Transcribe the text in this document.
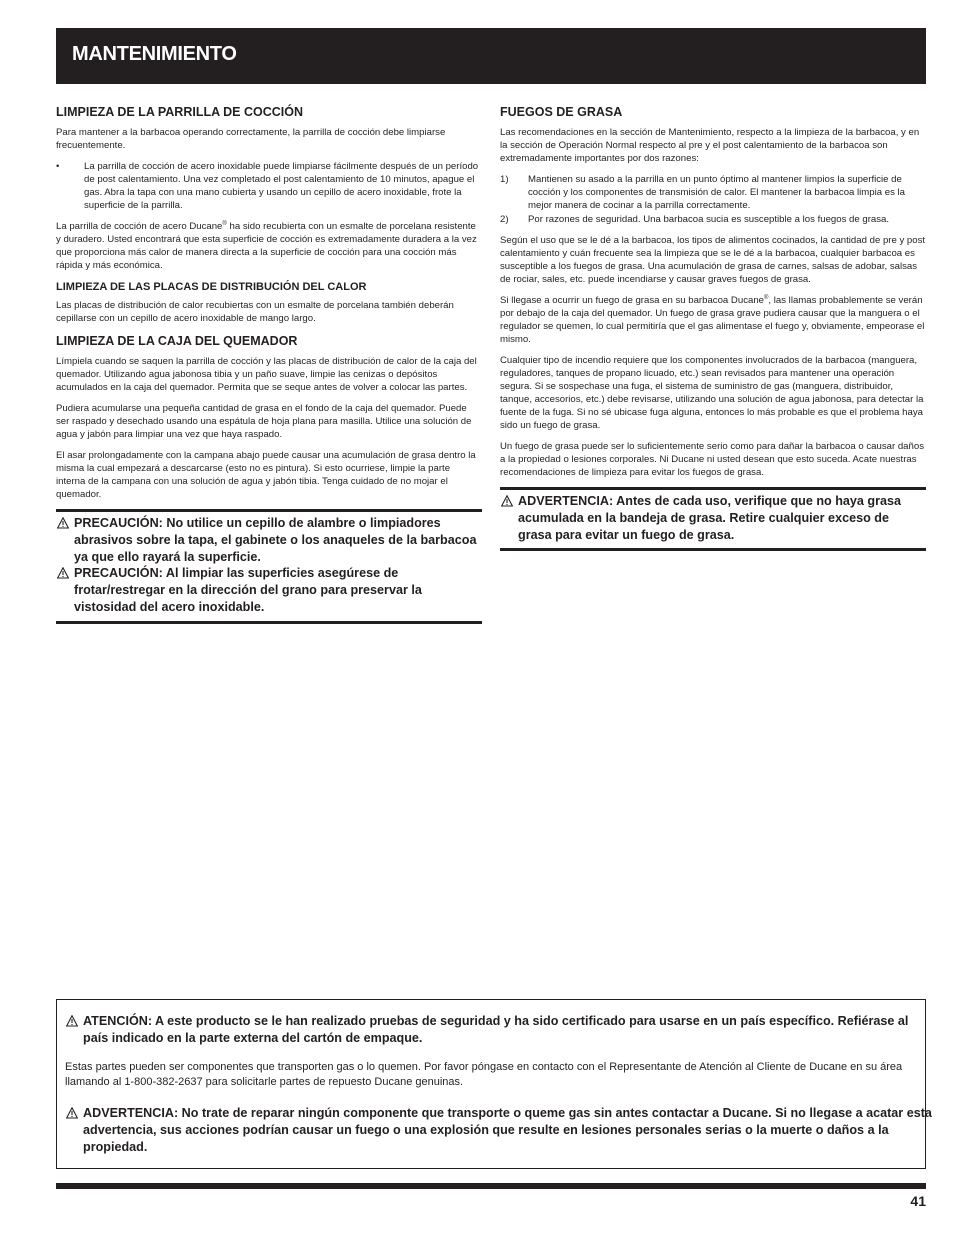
MANTENIMIENTO
LIMPIEZA DE LA PARRILLA DE COCCIÓN

Para mantener a la barbacoa operando correctamente, la parrilla de cocción debe limpiarse frecuentemente.

•	La parrilla de cocción de acero inoxidable puede limpiarse fácilmente después de un período de post calentamiento. Una vez completado el post calentamiento de 10 minutos, apague el gas. Abra la tapa con una mano cubierta y usando un cepillo de acero inoxidable, frote la superficie de la parrilla.

La parrilla de cocción de acero Ducane® ha sido recubierta con un esmalte de porcelana resistente y duradero. Usted encontrará que esta superficie de cocción es extremadamente duradera a la vez que proporciona más calor de manera directa a la superficie de cocción para una cocción más rápida y más económica.

LIMPIEZA DE LAS PLACAS DE DISTRIBUCIÓN DEL CALOR

Las placas de distribución de calor recubiertas con un esmalte de porcelana también deberán cepillarse con un cepillo de acero inoxidable de mango largo.

LIMPIEZA DE LA CAJA DEL QUEMADOR

Límpiela cuando se saquen la parrilla de cocción y las placas de distribución de calor de la caja del quemador. Utilizando agua jabonosa tibia y un paño suave, limpie las cenizas o depósitos acumulados en la caja del quemador. Permita que se seque antes de volver a colocar las partes.

Pudiera acumularse una pequeña cantidad de grasa en el fondo de la caja del quemador. Puede ser raspado y desechado usando una espátula de hoja plana para masilla. Utilice una solución de agua y jabón para limpiar una vez que haya raspado.

El asar prolongadamente con la campana abajo puede causar una acumulación de grasa dentro la misma la cual empezará a descarcarse (esto no es pintura). Si esto ocurriese, limpie la parte interna de la campana con una solución de agua y jabón tibia. Tenga cuidado de no mojar el quemador.

PRECAUCIÓN: No utilice un cepillo de alambre o limpiadores abrasivos sobre la tapa, el gabinete o los anaqueles de la barbacoa ya que ello rayará la superficie.

PRECAUCIÓN: Al limpiar las superficies asegúrese de frotar/restregar en la dirección del grano para preservar la vistosidad del acero inoxidable.

FUEGOS DE GRASA

Las recomendaciones en la sección de Mantenimiento, respecto a la limpieza de la barbacoa, y en la sección de Operación Normal respecto al pre y el post calentamiento de la barbacoa son extremadamente importantes por dos razones:

1) Mantienen su asado a la parrilla en un punto óptimo al mantener limpios la superficie de cocción y los componentes de transmisión de calor. El mantener la barbacoa limpia es la mejor manera de cocinar a la parrilla correctamente.
2) Por razones de seguridad. Una barbacoa sucia es susceptible a los fuegos de grasa.

Según el uso que se le dé a la barbacoa, los tipos de alimentos cocinados, la cantidad de pre y post calentamiento y cuán frecuente sea la limpieza que se le dé a la barbacoa, cualquier barbacoa es susceptible a los fuegos de grasa. Una acumulación de grasa de carnes, salsas de adobar, salsas de rociar, sales, etc. puede incendiarse y causar graves fuegos de grasa.

Si llegase a ocurrir un fuego de grasa en su barbacoa Ducane®, las llamas probablemente se verán por debajo de la caja del quemador. Un fuego de grasa grave pudiera causar que la manguera o el regulador se quemen, lo cual permitiría que el gas alimentase el fuego y, obviamente, empeorase el mismo.

Cualquier tipo de incendio requiere que los componentes involucrados de la barbacoa (manguera, reguladores, tanques de propano licuado, etc.) sean revisados para mantener una operación segura. Si se sospechase una fuga, el sistema de suministro de gas (manguera, distribuidor, tanque, accesorios, etc.) debe revisarse, utilizando una solución de agua jabonosa, para detectar la fuente de la fuga. Si no sé ubicase fuga alguna, entonces lo más probable es que el problema haya sido un fuego de grasa.

Un fuego de grasa puede ser lo suficientemente serio como para dañar la barbacoa o causar daños a la propiedad o lesiones corporales. Ni Ducane ni usted desean que esto suceda. Acate nuestras recomendaciones de limpieza para evitar los fuegos de grasa.

ADVERTENCIA: Antes de cada uso, verifique que no haya grasa acumulada en la bandeja de grasa. Retire cualquier exceso de grasa para evitar un fuego de grasa.

ATENCIÓN: A este producto se le han realizado pruebas de seguridad y ha sido certificado para usarse en un país específico. Refiérase al país indicado en la parte externa del cartón de empaque.

Estas partes pueden ser componentes que transporten gas o lo quemen. Por favor póngase en contacto con el Representante de Atención al Cliente de Ducane en su área llamando al 1-800-382-2637 para solicitarle partes de repuesto Ducane genuinas.

ADVERTENCIA: No trate de reparar ningún componente que transporte o queme gas sin antes contactar a Ducane. Si no llegase a acatar esta advertencia, sus acciones podrían causar un fuego o una explosión que resulte en lesiones personales serias o la muerte o daños a la propiedad.

41
